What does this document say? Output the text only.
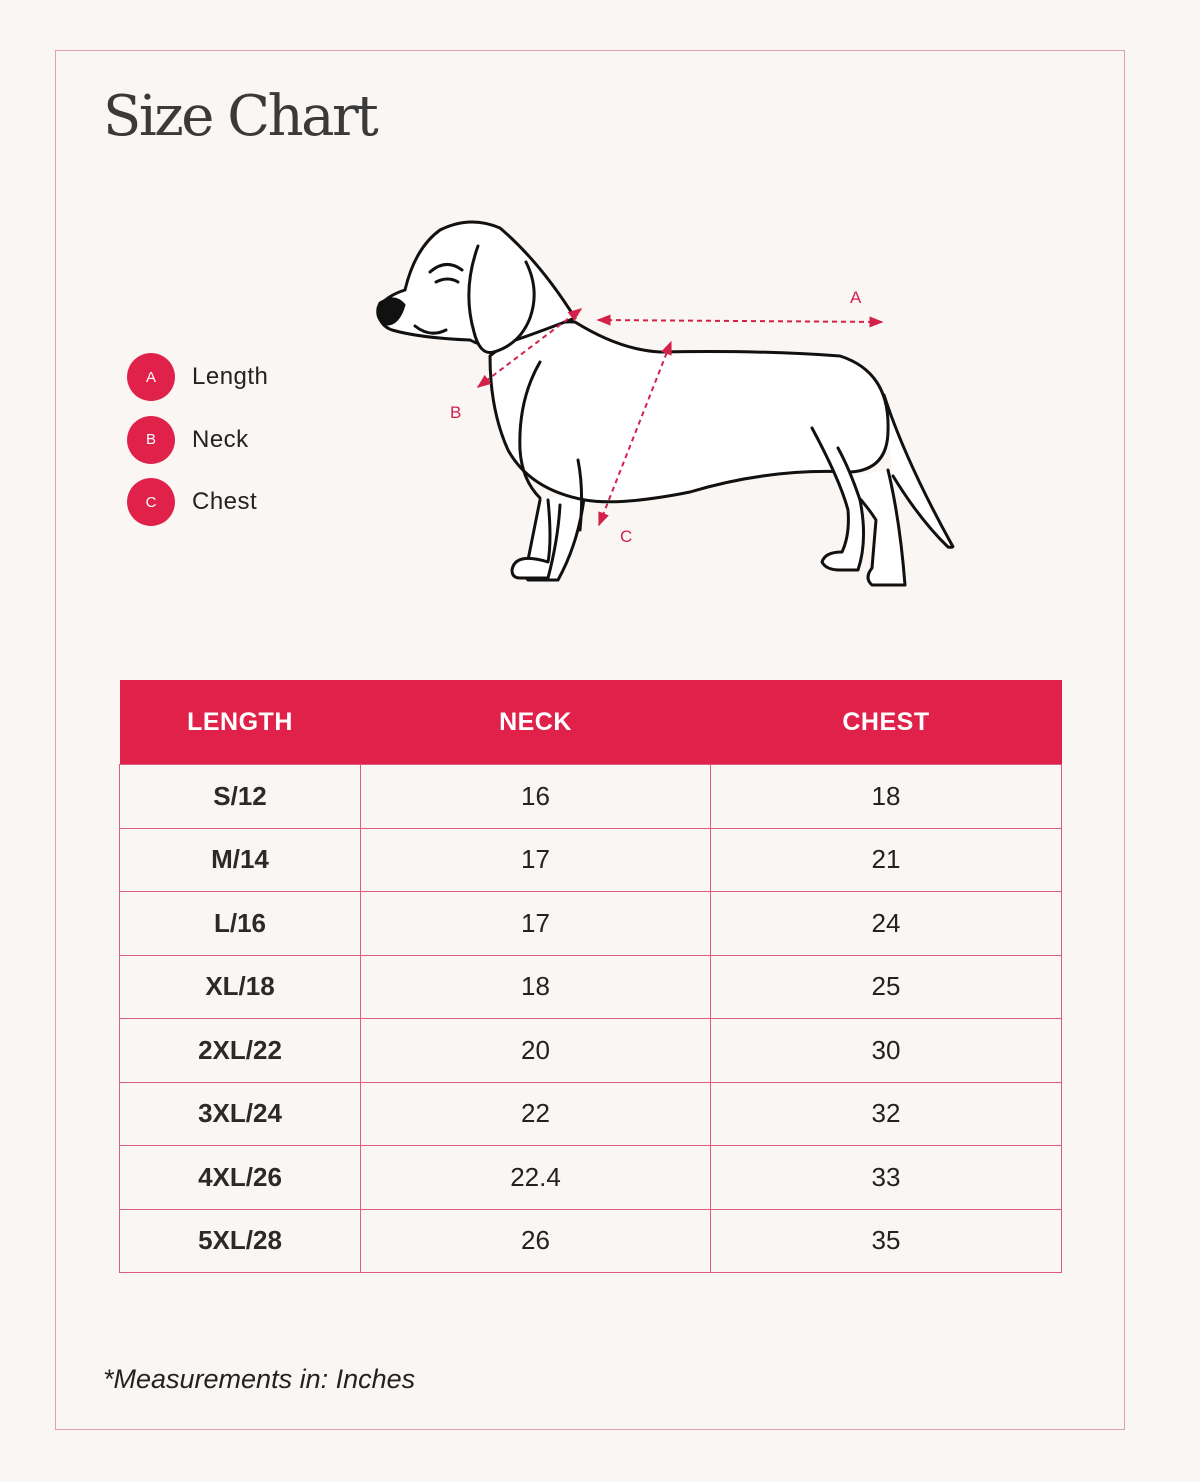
Size Chart
A	Length
B	Neck
C	Chest
A
B
C
LENGTH	NECK	CHEST
S/12	16	18
M/14	17	21
L/16	17	24
XL/18	18	25
2XL/22	20	30
3XL/24	22	32
4XL/26	22.4	33
5XL/28	26	35
*Measurements in: Inches
